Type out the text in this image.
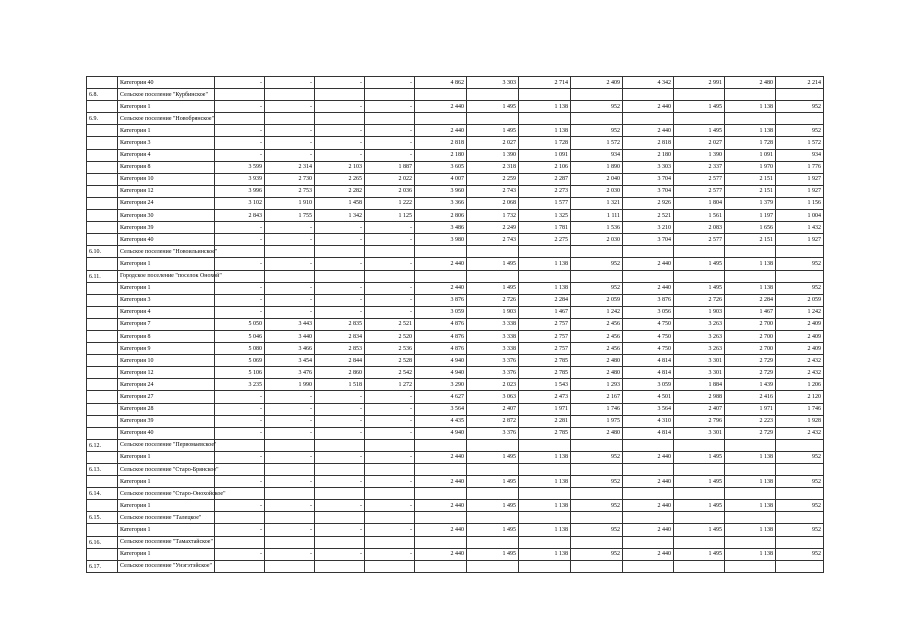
	Категория 40	-	-	-	-	4 862	3 303	2 714	2 409	4 342	2 991	2 480	2 214
6.8.	Сельское поселение "Курбинское"												
	Категория 1	-	-	-	-	2 440	1 495	1 138	952	2 440	1 495	1 138	952
6.9.	Сельское поселение "Новобрянское"												
	Категория 1	-	-	-	-	2 440	1 495	1 138	952	2 440	1 495	1 138	952
	Категория 3	-	-	-	-	2 818	2 027	1 728	1 572	2 818	2 027	1 728	1 572
	Категория 4	-	-	-	-	2 180	1 390	1 091	934	2 180	1 390	1 091	934
	Категория 8	3 599	2 314	2 103	1 887	3 605	2 318	2 106	1 890	3 303	2 337	1 970	1 776
	Категория 10	3 939	2 730	2 265	2 022	4 007	2 259	2 287	2 040	3 704	2 577	2 151	1 927
	Категория 12	3 996	2 753	2 282	2 036	3 960	2 743	2 273	2 030	3 704	2 577	2 151	1 927
	Категория 24	3 102	1 910	1 458	1 222	3 366	2 068	1 577	1 321	2 926	1 804	1 379	1 156
	Категория 30	2 843	1 755	1 342	1 125	2 806	1 732	1 325	1 111	2 521	1 561	1 197	1 004
	Категория 39	-	-	-	-	3 486	2 249	1 781	1 536	3 210	2 083	1 656	1 432
	Категория 40	-	-	-	-	3 980	2 743	2 275	2 030	3 704	2 577	2 151	1 927
6.10.	Сельское поселение "Новоильинское"												
	Категория 1	-	-	-	-	2 440	1 495	1 138	952	2 440	1 495	1 138	952
6.11.	Городское поселение "поселок Онохой"												
	Категория 1	-	-	-	-	2 440	1 495	1 138	952	2 440	1 495	1 138	952
	Категория 3	-	-	-	-	3 876	2 726	2 284	2 059	3 876	2 726	2 284	2 059
	Категория 4	-	-	-	-	3 059	1 903	1 467	1 242	3 056	1 903	1 467	1 242
	Категория 7	5 050	3 443	2 835	2 521	4 876	3 338	2 757	2 456	4 750	3 263	2 700	2 409
	Категория 8	5 046	3 440	2 834	2 520	4 876	3 338	2 757	2 456	4 750	3 263	2 700	2 409
	Категория 9	5 080	3 466	2 853	2 536	4 876	3 338	2 757	2 456	4 750	3 263	2 700	2 409
	Категория 10	5 069	3 454	2 844	2 528	4 940	3 376	2 785	2 480	4 814	3 301	2 729	2 432
	Категория 12	5 106	3 476	2 860	2 542	4 940	3 376	2 785	2 480	4 814	3 301	2 729	2 432
	Категория 24	3 235	1 990	1 518	1 272	3 290	2 023	1 543	1 293	3 059	1 884	1 439	1 206
	Категория 27	-	-	-	-	4 627	3 063	2 473	2 167	4 501	2 988	2 416	2 120
	Категория 28	-	-	-	-	3 564	2 407	1 971	1 746	3 564	2 407	1 971	1 746
	Категория 39	-	-	-	-	4 435	2 872	2 281	1 975	4 310	2 796	2 223	1 928
	Категория 40	-	-	-	-	4 940	3 376	2 785	2 480	4 814	3 301	2 729	2 432
6.12.	Сельское поселение "Первомаевское"												
	Категория 1	-	-	-	-	2 440	1 495	1 138	952	2 440	1 495	1 138	952
6.13.	Сельское поселение "Старо-Брянское"												
	Категория 1	-	-	-	-	2 440	1 495	1 138	952	2 440	1 495	1 138	952
6.14.	Сельское поселение "Старо-Онохойское"												
	Категория 1	-	-	-	-	2 440	1 495	1 138	952	2 440	1 495	1 138	952
6.15.	Сельское поселение "Талецкое"												
	Категория 1	-	-	-	-	2 440	1 495	1 138	952	2 440	1 495	1 138	952
6.16.	Сельское поселение "Тамахтайское"												
	Категория 1	-	-	-	-	2 440	1 495	1 138	952	2 440	1 495	1 138	952
6.17.	Сельское поселение "Унэгэтэйское"												
